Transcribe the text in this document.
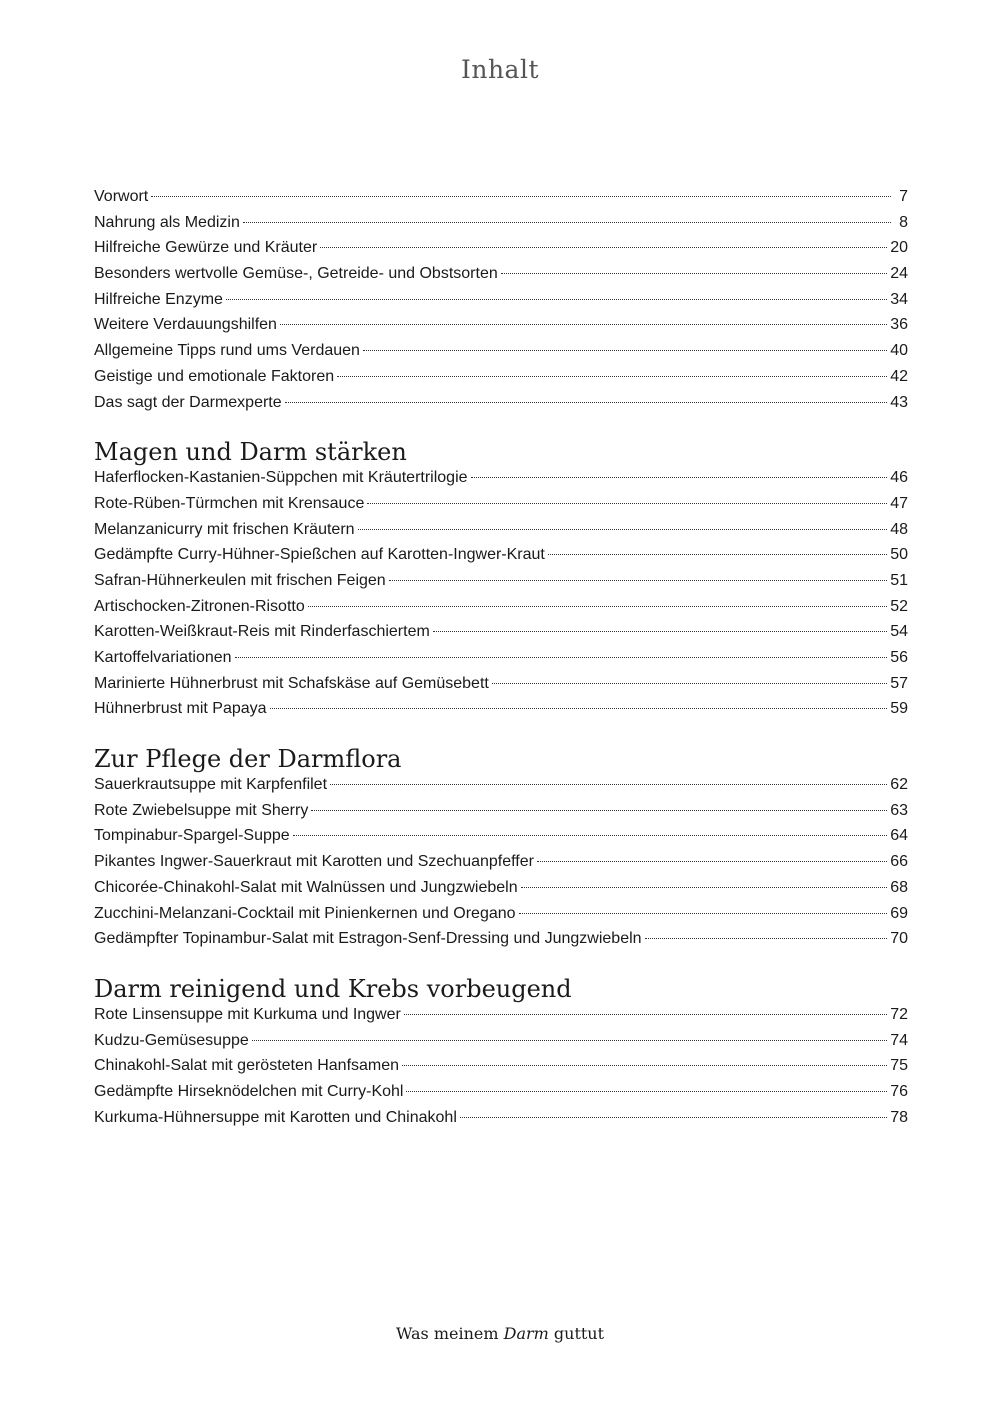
Inhalt
Vorwort	7
Nahrung als Medizin	8
Hilfreiche Gewürze und Kräuter	20
Besonders wertvolle Gemüse-, Getreide- und Obstsorten	24
Hilfreiche Enzyme	34
Weitere Verdauungshilfen	36
Allgemeine Tipps rund ums Verdauen	40
Geistige und emotionale Faktoren	42
Das sagt der Darmexperte	43
Magen und Darm stärken
Haferflocken-Kastanien-Süppchen mit Kräutertrilogie	46
Rote-Rüben-Türmchen mit Krensauce	47
Melanzanicurry mit frischen Kräutern	48
Gedämpfte Curry-Hühner-Spießchen auf Karotten-Ingwer-Kraut	50
Safran-Hühnerkeulen mit frischen Feigen	51
Artischocken-Zitronen-Risotto	52
Karotten-Weißkraut-Reis mit Rinderfaschiertem	54
Kartoffelvariationen	56
Marinierte Hühnerbrust mit Schafskäse auf Gemüsebett	57
Hühnerbrust mit Papaya	59
Zur Pflege der Darmflora
Sauerkrautsuppe mit Karpfenfilet	62
Rote Zwiebelsuppe mit Sherry	63
Tompinabur-Spargel-Suppe	64
Pikantes Ingwer-Sauerkraut mit Karotten und Szechuanpfeffer	66
Chicorée-Chinakohl-Salat mit Walnüssen und Jungzwiebeln	68
Zucchini-Melanzani-Cocktail mit Pinienkernen und Oregano	69
Gedämpfter Topinambur-Salat mit Estragon-Senf-Dressing und Jungzwiebeln	70
Darm reinigend und Krebs vorbeugend
Rote Linsensuppe mit Kurkuma und Ingwer	72
Kudzu-Gemüsesuppe	74
Chinakohl-Salat mit gerösteten Hanfsamen	75
Gedämpfte Hirseknödelchen mit Curry-Kohl	76
Kurkuma-Hühnersuppe mit Karotten und Chinakohl	78
Was meinem Darm guttut
